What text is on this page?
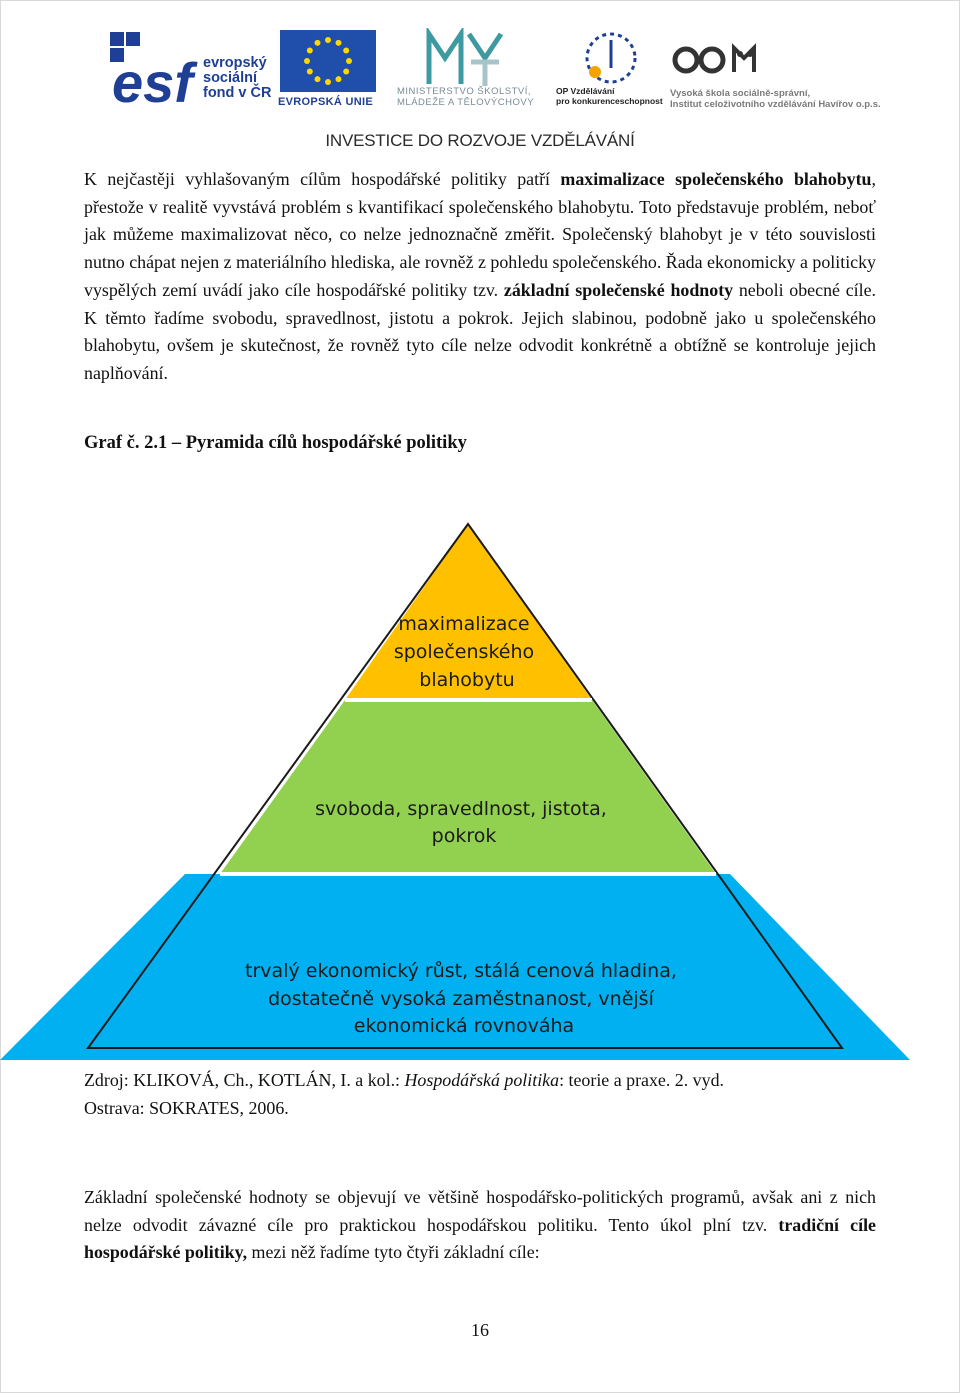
esf evropský
sociální
fond v ČR
EVROPSKÁ UNIE
MINISTERSTVO ŠKOLSTVÍ,
MLÁDEŽE A TĚLOVÝCHOVY
OP Vzdělávání
pro konkurenceschopnost
Vysoká škola sociálně-správní,
Institut celoživotního vzdělávání Havířov o.p.s.
INVESTICE DO ROZVOJE VZDĚLÁVÁNÍ
K nejčastěji vyhlašovaným cílům hospodářské politiky patří maximalizace společenského blahobytu, přestože v realitě vyvstává problém s kvantifikací společenského blahobytu. Toto představuje problém, neboť jak můžeme maximalizovat něco, co nelze jednoznačně změřit. Společenský blahobyt je v této souvislosti nutno chápat nejen z materiálního hlediska, ale rovněž z pohledu společenského. Řada ekonomicky a politicky vyspělých zemí uvádí jako cíle hospodářské politiky tzv. základní společenské hodnoty neboli obecné cíle. K těmto řadíme svobodu, spravedlnost, jistotu a pokrok. Jejich slabinou, podobně jako u společenského blahobytu, ovšem je skutečnost, že rovněž tyto cíle nelze odvodit konkrétně a obtížně se kontroluje jejich naplňování.
Graf č. 2.1 – Pyramida cílů hospodářské politiky
maximalizace společenského blahobytu
svoboda, spravedlnost, jistota, pokrok
trvalý ekonomický růst, stálá cenová hladina, dostatečně vysoká zaměstnanost, vnější ekonomická rovnováha
Zdroj: KLIKOVÁ, Ch., KOTLÁN, I. a kol.: Hospodářská politika: teorie a praxe. 2. vyd.
Ostrava: SOKRATES, 2006.
Základní společenské hodnoty se objevují ve většině hospodářsko-politických programů, avšak ani z nich nelze odvodit závazné cíle pro praktickou hospodářskou politiku. Tento úkol plní tzv. tradiční cíle hospodářské politiky, mezi něž řadíme tyto čtyři základní cíle:
16
